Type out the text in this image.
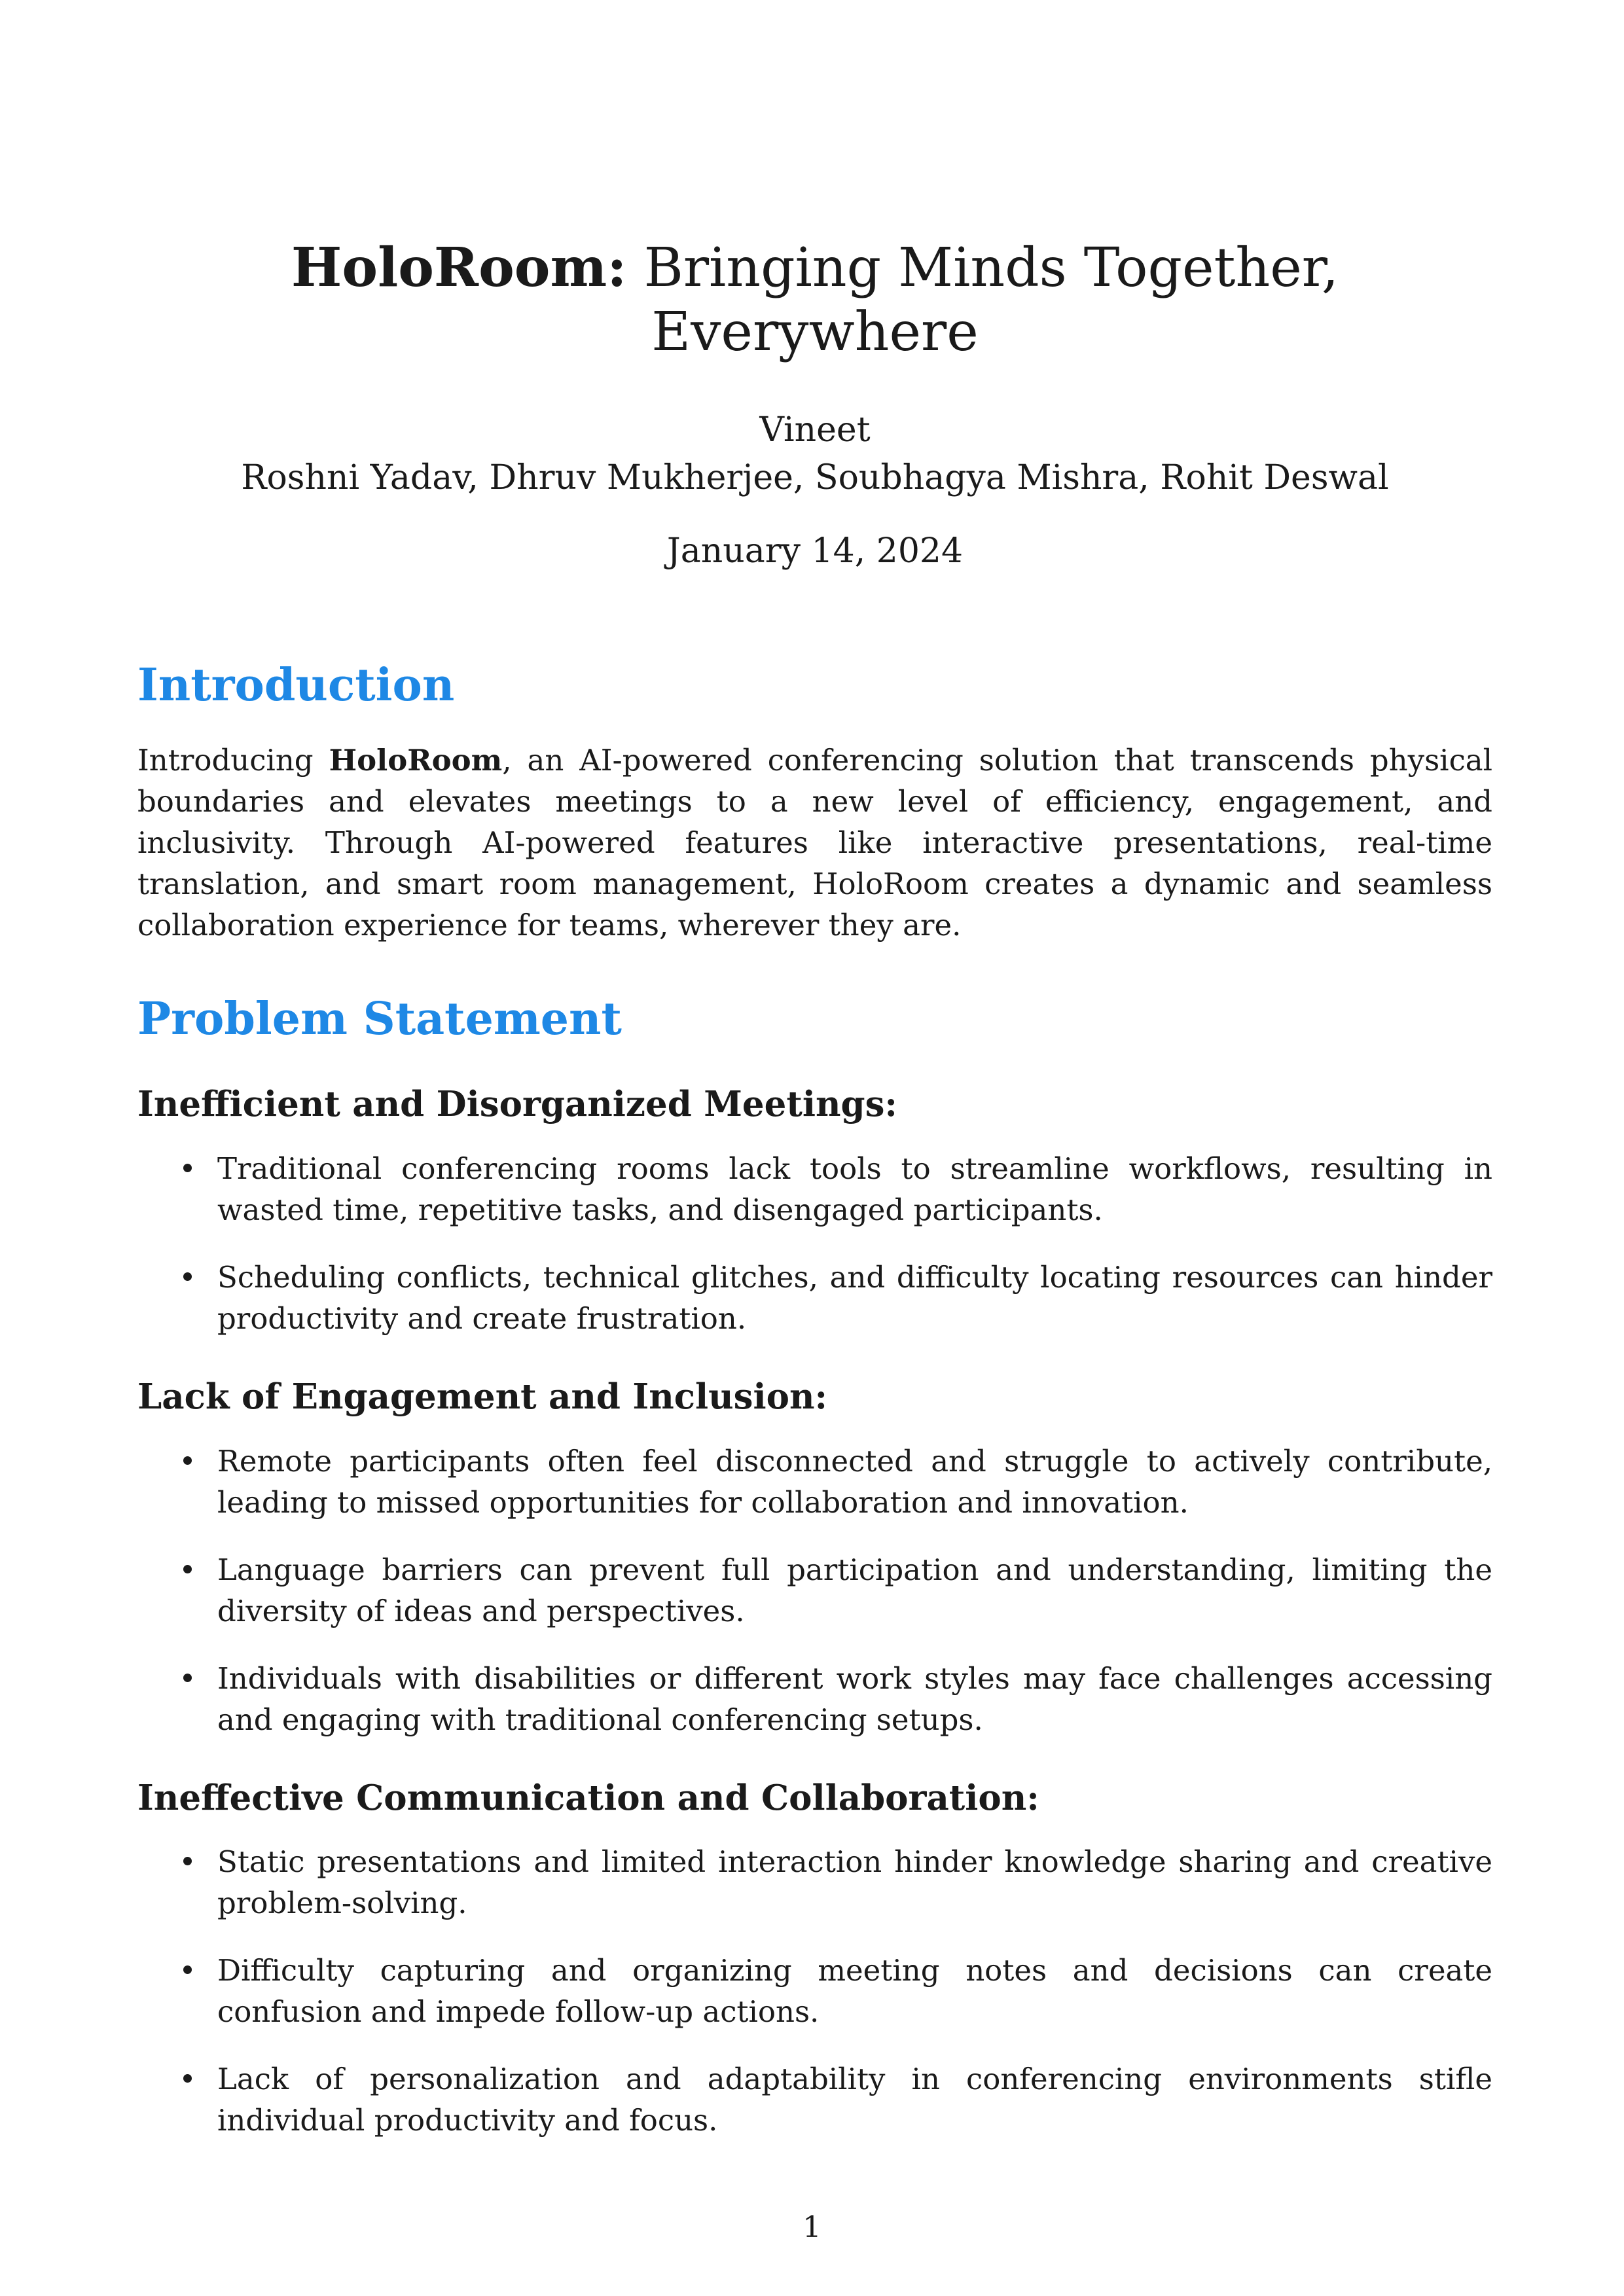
HoloRoom: Bringing Minds Together, Everywhere
Vineet
Roshni Yadav, Dhruv Mukherjee, Soubhagya Mishra, Rohit Deswal
January 14, 2024
Introduction

Introducing HoloRoom, an AI-powered conferencing solution that transcends physical boundaries and elevates meetings to a new level of efficiency, engagement, and inclusivity. Through AI-powered features like interactive presentations, real-time translation, and smart room management, HoloRoom creates a dynamic and seamless collaboration experience for teams, wherever they are.

Problem Statement
Inefficient and Disorganized Meetings:
Traditional conferencing rooms lack tools to streamline workflows, resulting in wasted time, repetitive tasks, and disengaged participants.
Scheduling conflicts, technical glitches, and difficulty locating resources can hinder productivity and create frustration.
Lack of Engagement and Inclusion:
Remote participants often feel disconnected and struggle to actively contribute, leading to missed opportunities for collaboration and innovation.
Language barriers can prevent full participation and understanding, limiting the diversity of ideas and perspectives.
Individuals with disabilities or different work styles may face challenges accessing and engaging with traditional conferencing setups.
Ineffective Communication and Collaboration:
Static presentations and limited interaction hinder knowledge sharing and creative problem-solving.
Difficulty capturing and organizing meeting notes and decisions can create confusion and impede follow-up actions.
Lack of personalization and adaptability in conferencing environments stifle individual productivity and focus.
1
